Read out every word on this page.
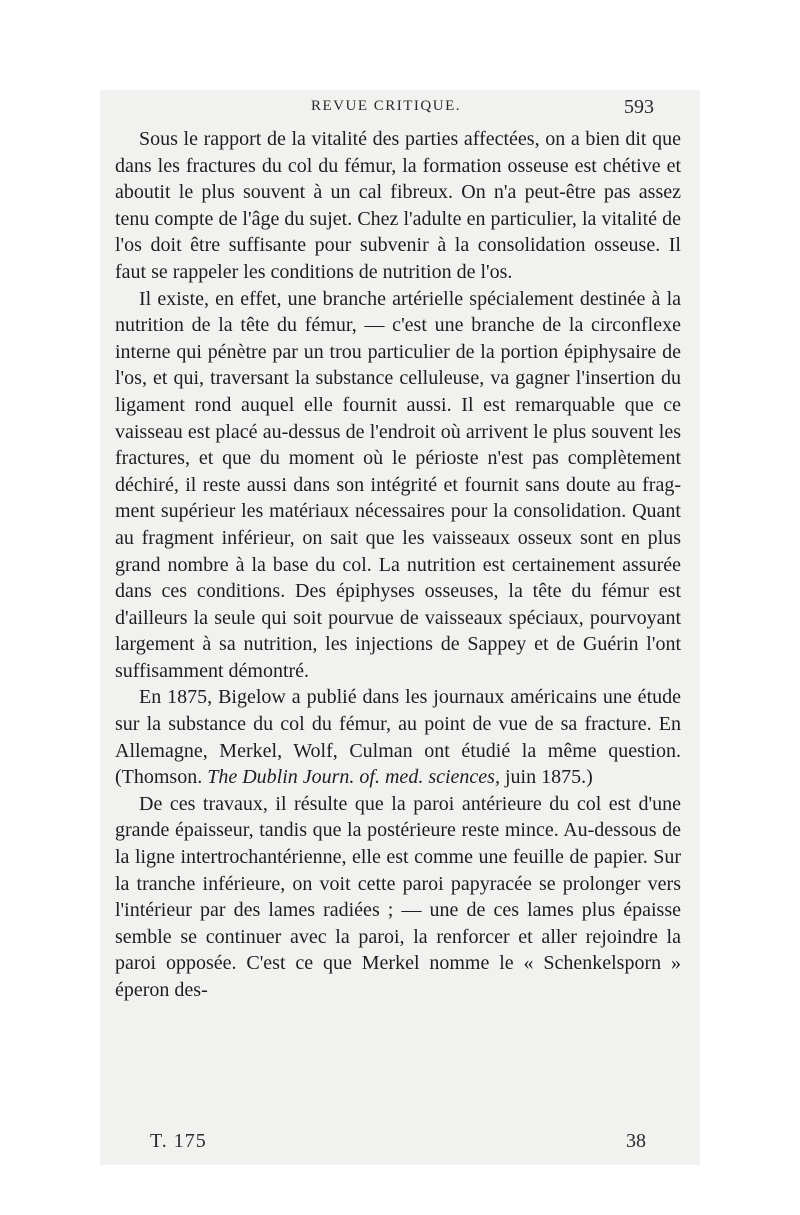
REVUE CRITIQUE.	593

Sous le rapport de la vitalité des parties affectées, on a bien dit que dans les fractures du col du fémur, la formation osseuse est chétive et aboutit le plus souvent à un cal fibreux. On n'a peut-être pas assez tenu compte de l'âge du sujet. Chez l'adulte en particulier, la vitalité de l'os doit être suffisante pour subvenir à la consolidation osseuse. Il faut se rappeler les conditions de nutrition de l'os.

Il existe, en effet, une branche artérielle spécialement destinée à la nutrition de la tête du fémur, — c'est une branche de la circonflexe interne qui pénètre par un trou particulier de la portion épiphysaire de l'os, et qui, traversant la substance celluleuse, va gagner l'insertion du ligament rond auquel elle fournit aussi. Il est remarquable que ce vaisseau est placé au-dessus de l'endroit où arrivent le plus souvent les fractures, et que du moment où le périoste n'est pas complètement déchiré, il reste aussi dans son intégrité et fournit sans doute au fragment supérieur les matériaux nécessaires pour la consolidation. Quant au fragment inférieur, on sait que les vaisseaux osseux sont en plus grand nombre à la base du col. La nutrition est certainement assurée dans ces conditions. Des épiphyses osseuses, la tête du fémur est d'ailleurs la seule qui soit pourvue de vaisseaux spéciaux, pourvoyant largement à sa nutrition, les injections de Sappey et de Guérin l'ont suffisamment démontré.

En 1875, Bigelow a publié dans les journaux américains une étude sur la substance du col du fémur, au point de vue de sa fracture. En Allemagne, Merkel, Wolf, Culman ont étudié la même question. (Thomson. The Dublin Journ. of. med. sciences, juin 1875.)

De ces travaux, il résulte que la paroi antérieure du col est d'une grande épaisseur, tandis que la postérieure reste mince. Au-dessous de la ligne intertrochantérienne, elle est comme une feuille de papier. Sur la tranche inférieure, on voit cette paroi papyracée se prolonger vers l'intérieur par des lames radiées ; — une de ces lames plus épaisse semble se continuer avec la paroi, la renforcer et aller rejoindre la paroi opposée. C'est ce que Merkel nomme le « Schenkelsporn » éperon des-

T. 175	38
